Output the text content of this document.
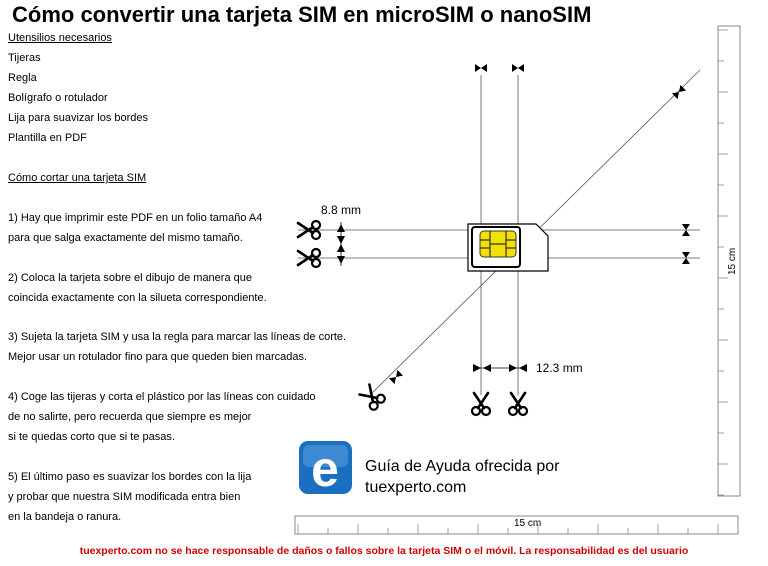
Cómo convertir una tarjeta SIM en microSIM o nanoSIM
Utensilios necesarios
Tijeras
Regla
Bolígrafo o rotulador
Lija para suavizar los bordes
Plantilla en PDF
Cómo cortar una tarjeta SIM
1) Hay que imprimir este PDF en un folio tamaño A4
para que salga exactamente del mismo tamaño.
2) Coloca la tarjeta sobre el dibujo de manera que
coincida exactamente con la silueta correspondiente.
3) Sujeta la tarjeta SIM y usa la regla para marcar las líneas de corte.
Mejor usar un rotulador fino para que queden bien marcadas.
4) Coge las tijeras y corta el plástico por las líneas con cuidado
de no salirte, pero recuerda que siempre es mejor
si te quedas corto que si te pasas.
5) El último paso es suavizar los bordes con la lija
y probar que nuestra SIM modificada entra bien
en la bandeja o ranura.
8.8 mm
12.3 mm
15 cm
15 cm
e Guía de Ayuda ofrecida por
tuexperto.com
tuexperto.com no se hace responsable de daños o fallos sobre la tarjeta SIM o el móvil. La responsabilidad es del usuario
